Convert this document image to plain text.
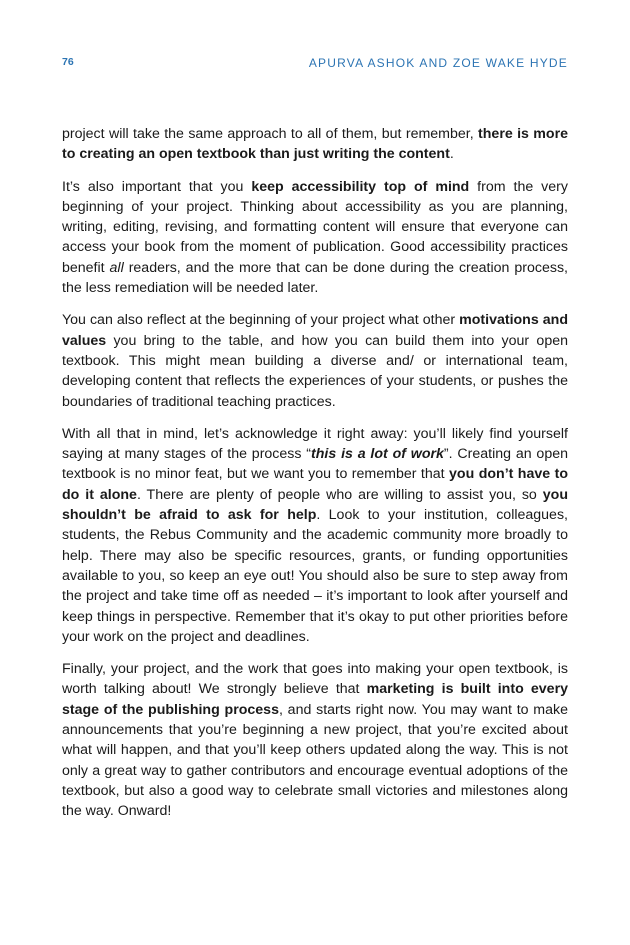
76	APURVA ASHOK AND ZOE WAKE HYDE

project will take the same approach to all of them, but remember, there is more to creating an open textbook than just writing the content.

It’s also important that you keep accessibility top of mind from the very beginning of your project. Thinking about accessibility as you are planning, writing, editing, revising, and formatting content will ensure that everyone can access your book from the moment of publication. Good accessibility practices benefit all readers, and the more that can be done during the creation process, the less remediation will be needed later.

You can also reflect at the beginning of your project what other motivations and values you bring to the table, and how you can build them into your open textbook. This might mean building a diverse and/ or international team, developing content that reflects the experiences of your students, or pushes the boundaries of traditional teaching practices.

With all that in mind, let’s acknowledge it right away: you’ll likely find yourself saying at many stages of the process “this is a lot of work”. Creating an open textbook is no minor feat, but we want you to remember that you don’t have to do it alone. There are plenty of people who are willing to assist you, so you shouldn’t be afraid to ask for help. Look to your institution, colleagues, students, the Rebus Community and the academic community more broadly to help. There may also be specific resources, grants, or funding opportunities available to you, so keep an eye out! You should also be sure to step away from the project and take time off as needed – it’s important to look after yourself and keep things in perspective. Remember that it’s okay to put other priorities before your work on the project and deadlines.

Finally, your project, and the work that goes into making your open textbook, is worth talking about! We strongly believe that marketing is built into every stage of the publishing process, and starts right now. You may want to make announcements that you’re beginning a new project, that you’re excited about what will happen, and that you’ll keep others updated along the way. This is not only a great way to gather contributors and encourage eventual adoptions of the textbook, but also a good way to celebrate small victories and milestones along the way. Onward!
